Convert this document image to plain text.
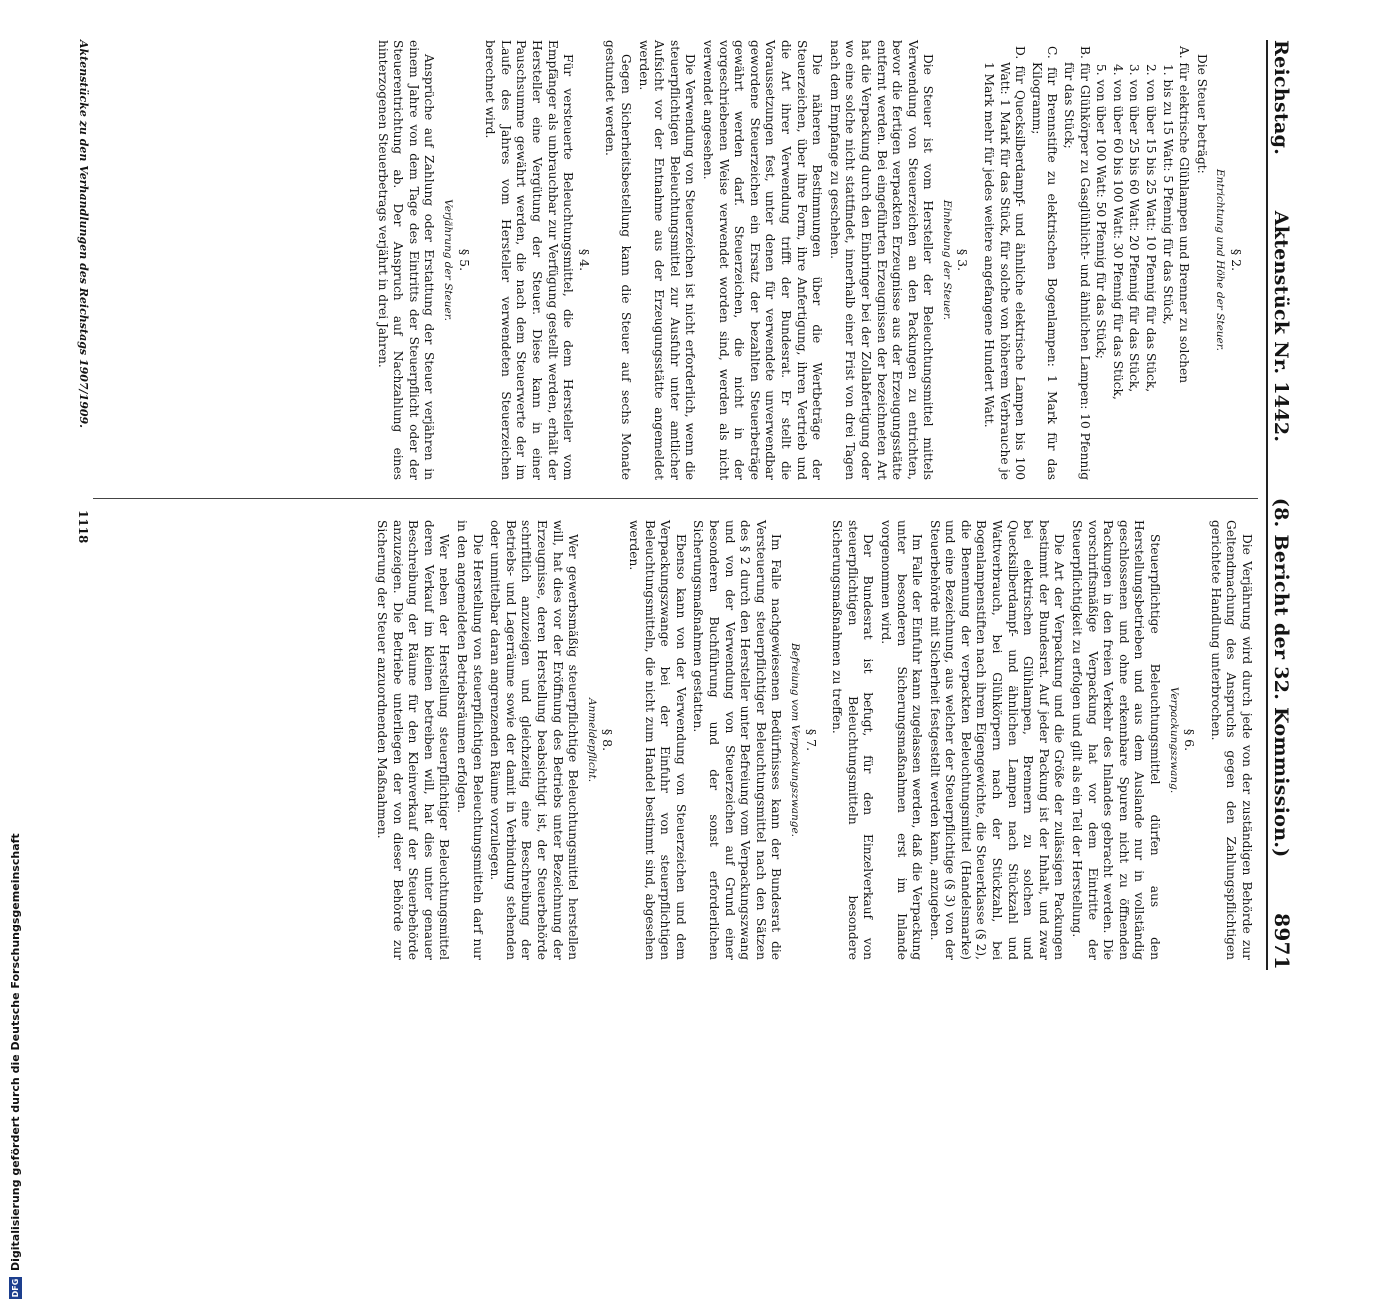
DFG
Digitalisierung gefördert durch die Deutsche Forschungsgemeinschaft
Reichstag.
Aktenstück Nr. 1442.
(8. Bericht der 32. Kommission.)
8971
§ 2.
Entrichtung und Höhe der Steuer.

Die Steuer beträgt:

A. für elektrische Glühlampen und Brenner zu solchen
1. bis zu 15 Watt: 5 Pfennig für das Stück,
2. von über 15 bis 25 Watt: 10 Pfennig für das Stück,
3. von über 25 bis 60 Watt: 20 Pfennig für das Stück,
4. von über 60 bis 100 Watt: 30 Pfennig für das Stück,
5. von über 100 Watt: 50 Pfennig für das Stück;
B. für Glühkörper zu Gasglühlicht- und ähnlichen Lampen: 10 Pfennig für das Stück;
C. für Brennstifte zu elektrischen Bogenlampen: 1 Mark für das Kilogramm;
D. für Quecksilberdampf- und ähnliche elektrische Lampen bis 100 Watt: 1 Mark für das Stück, für solche von höherem Verbrauche je 1 Mark mehr für jedes weitere angefangene Hundert Watt.
§ 3.
Einhebung der Steuer.

Die Steuer ist vom Hersteller der Beleuchtungsmittel mittels Verwendung von Steuerzeichen an den Packungen zu entrichten, bevor die fertigen verpackten Erzeugnisse aus der Erzeugungsstätte entfernt werden. Bei eingeführten Erzeugnissen der bezeichneten Art hat die Verpackung durch den Einbringer bei der Zollabfertigung oder wo eine solche nicht stattfindet, innerhalb einer Frist von drei Tagen nach dem Empfange zu geschehen.

Die näheren Bestimmungen über die Wertbeträge der Steuerzeichen, über ihre Form, ihre Anfertigung, ihren Vertrieb und die Art ihrer Verwendung trifft der Bundesrat. Er stellt die Voraussetzungen fest, unter denen für verwendete unverwendbar gewordene Steuerzeichen ein Ersatz der bezahlten Steuerbeträge gewährt werden darf. Steuerzeichen, die nicht in der vorgeschriebenen Weise verwendet worden sind, werden als nicht verwendet angesehen.

Die Verwendung von Steuerzeichen ist nicht erforderlich, wenn die steuerpflichtigen Beleuchtungsmittel zur Ausfuhr unter amtlicher Aufsicht vor der Entnahme aus der Erzeugungsstätte angemeldet werden.

Gegen Sicherheitsbestellung kann die Steuer auf sechs Monate gestundet werden.

§ 4.

Für versteuerte Beleuchtungsmittel, die dem Hersteller vom Empfänger als unbrauchbar zur Verfügung gestellt werden, erhält der Hersteller eine Vergütung der Steuer. Diese kann in einer Pauschsumme gewährt werden, die nach dem Steuerwerte der im Laufe des Jahres vom Hersteller verwendeten Steuerzeichen berechnet wird.

§ 5.
Verjährung der Steuer.

Ansprüche auf Zahlung oder Erstattung der Steuer verjähren in einem Jahre von dem Tage des Eintritts der Steuerpflicht oder der Steuerentrichtung ab. Der Anspruch auf Nachzahlung eines hinterzogenen Steuerbetrags verjährt in drei Jahren.

Die Verjährung wird durch jede von der zuständigen Behörde zur Geltendmachung des Anspruchs gegen den Zahlungspflichtigen gerichtete Handlung unterbrochen.

§ 6.
Verpackungszwang.

Steuerpflichtige Beleuchtungsmittel dürfen aus den Herstellungsbetrieben und aus dem Auslande nur in vollständig geschlossenen und ohne erkennbare Spuren nicht zu öffnenden Packungen in den freien Verkehr des Inlandes gebracht werden. Die vorschriftsmäßige Verpackung hat vor dem Eintritte der Steuerpflichtigkeit zu erfolgen und gilt als ein Teil der Herstellung.

Die Art der Verpackung und die Größe der zulässigen Packungen bestimmt der Bundesrat. Auf jeder Packung ist der Inhalt, und zwar bei elektrischen Glühlampen, Brennern zu solchen und Quecksilberdampf- und ähnlichen Lampen nach Stückzahl und Wattverbrauch, bei Glühkörpern nach der Stückzahl, bei Bogenlampenstiften nach ihrem Eigengewichte, die Steuerklasse (§ 2), die Benennung der verpackten Beleuchtungsmittel (Handelsmarke) und eine Bezeichnung, aus welcher der Steuerpflichtige (§ 3) von der Steuerbehörde mit Sicherheit festgestellt werden kann, anzugeben.

Im Falle der Einfuhr kann zugelassen werden, daß die Verpackung unter besonderen Sicherungsmaßnahmen erst im Inlande vorgenommen wird.

Der Bundesrat ist befugt, für den Einzelverkauf von steuerpflichtigen Beleuchtungsmitteln besondere Sicherungsmaßnahmen zu treffen.

§ 7.
Befreiung vom Verpackungszwange.

Im Falle nachgewiesenen Bedürfnisses kann der Bundesrat die Versteuerung steuerpflichtiger Beleuchtungsmittel nach den Sätzen des § 2 durch den Hersteller unter Befreiung vom Verpackungszwang und von der Verwendung von Steuerzeichen auf Grund einer besonderen Buchführung und der sonst erforderlichen Sicherungsmaßnahmen gestatten.

Ebenso kann von der Verwendung von Steuerzeichen und dem Verpackungszwange bei der Einfuhr von steuerpflichtigen Beleuchtungsmitteln, die nicht zum Handel bestimmt sind, abgesehen werden.

§ 8.
Anmeldepflicht.

Wer gewerbsmäßig steuerpflichtige Beleuchtungsmittel herstellen will, hat dies vor der Eröffnung des Betriebs unter Bezeichnung der Erzeugnisse, deren Herstellung beabsichtigt ist, der Steuerbehörde schriftlich anzuzeigen und gleichzeitig eine Beschreibung der Betriebs- und Lagerräume sowie der damit in Verbindung stehenden oder unmittelbar daran angrenzenden Räume vorzulegen.

Die Herstellung von steuerpflichtigen Beleuchtungsmitteln darf nur in den angemeldeten Betriebsräumen erfolgen.

Wer neben der Herstellung steuerpflichtiger Beleuchtungsmittel deren Verkauf im kleinen betreiben will, hat dies unter genauer Beschreibung der Räume für den Kleinverkauf der Steuerbehörde anzuzeigen. Die Betriebe unterliegen der von dieser Behörde zur Sicherung der Steuer anzuordnenden Maßnahmen.

Aktenstücke zu den Verhandlungen des Reichstags 1907/1909.
1118
